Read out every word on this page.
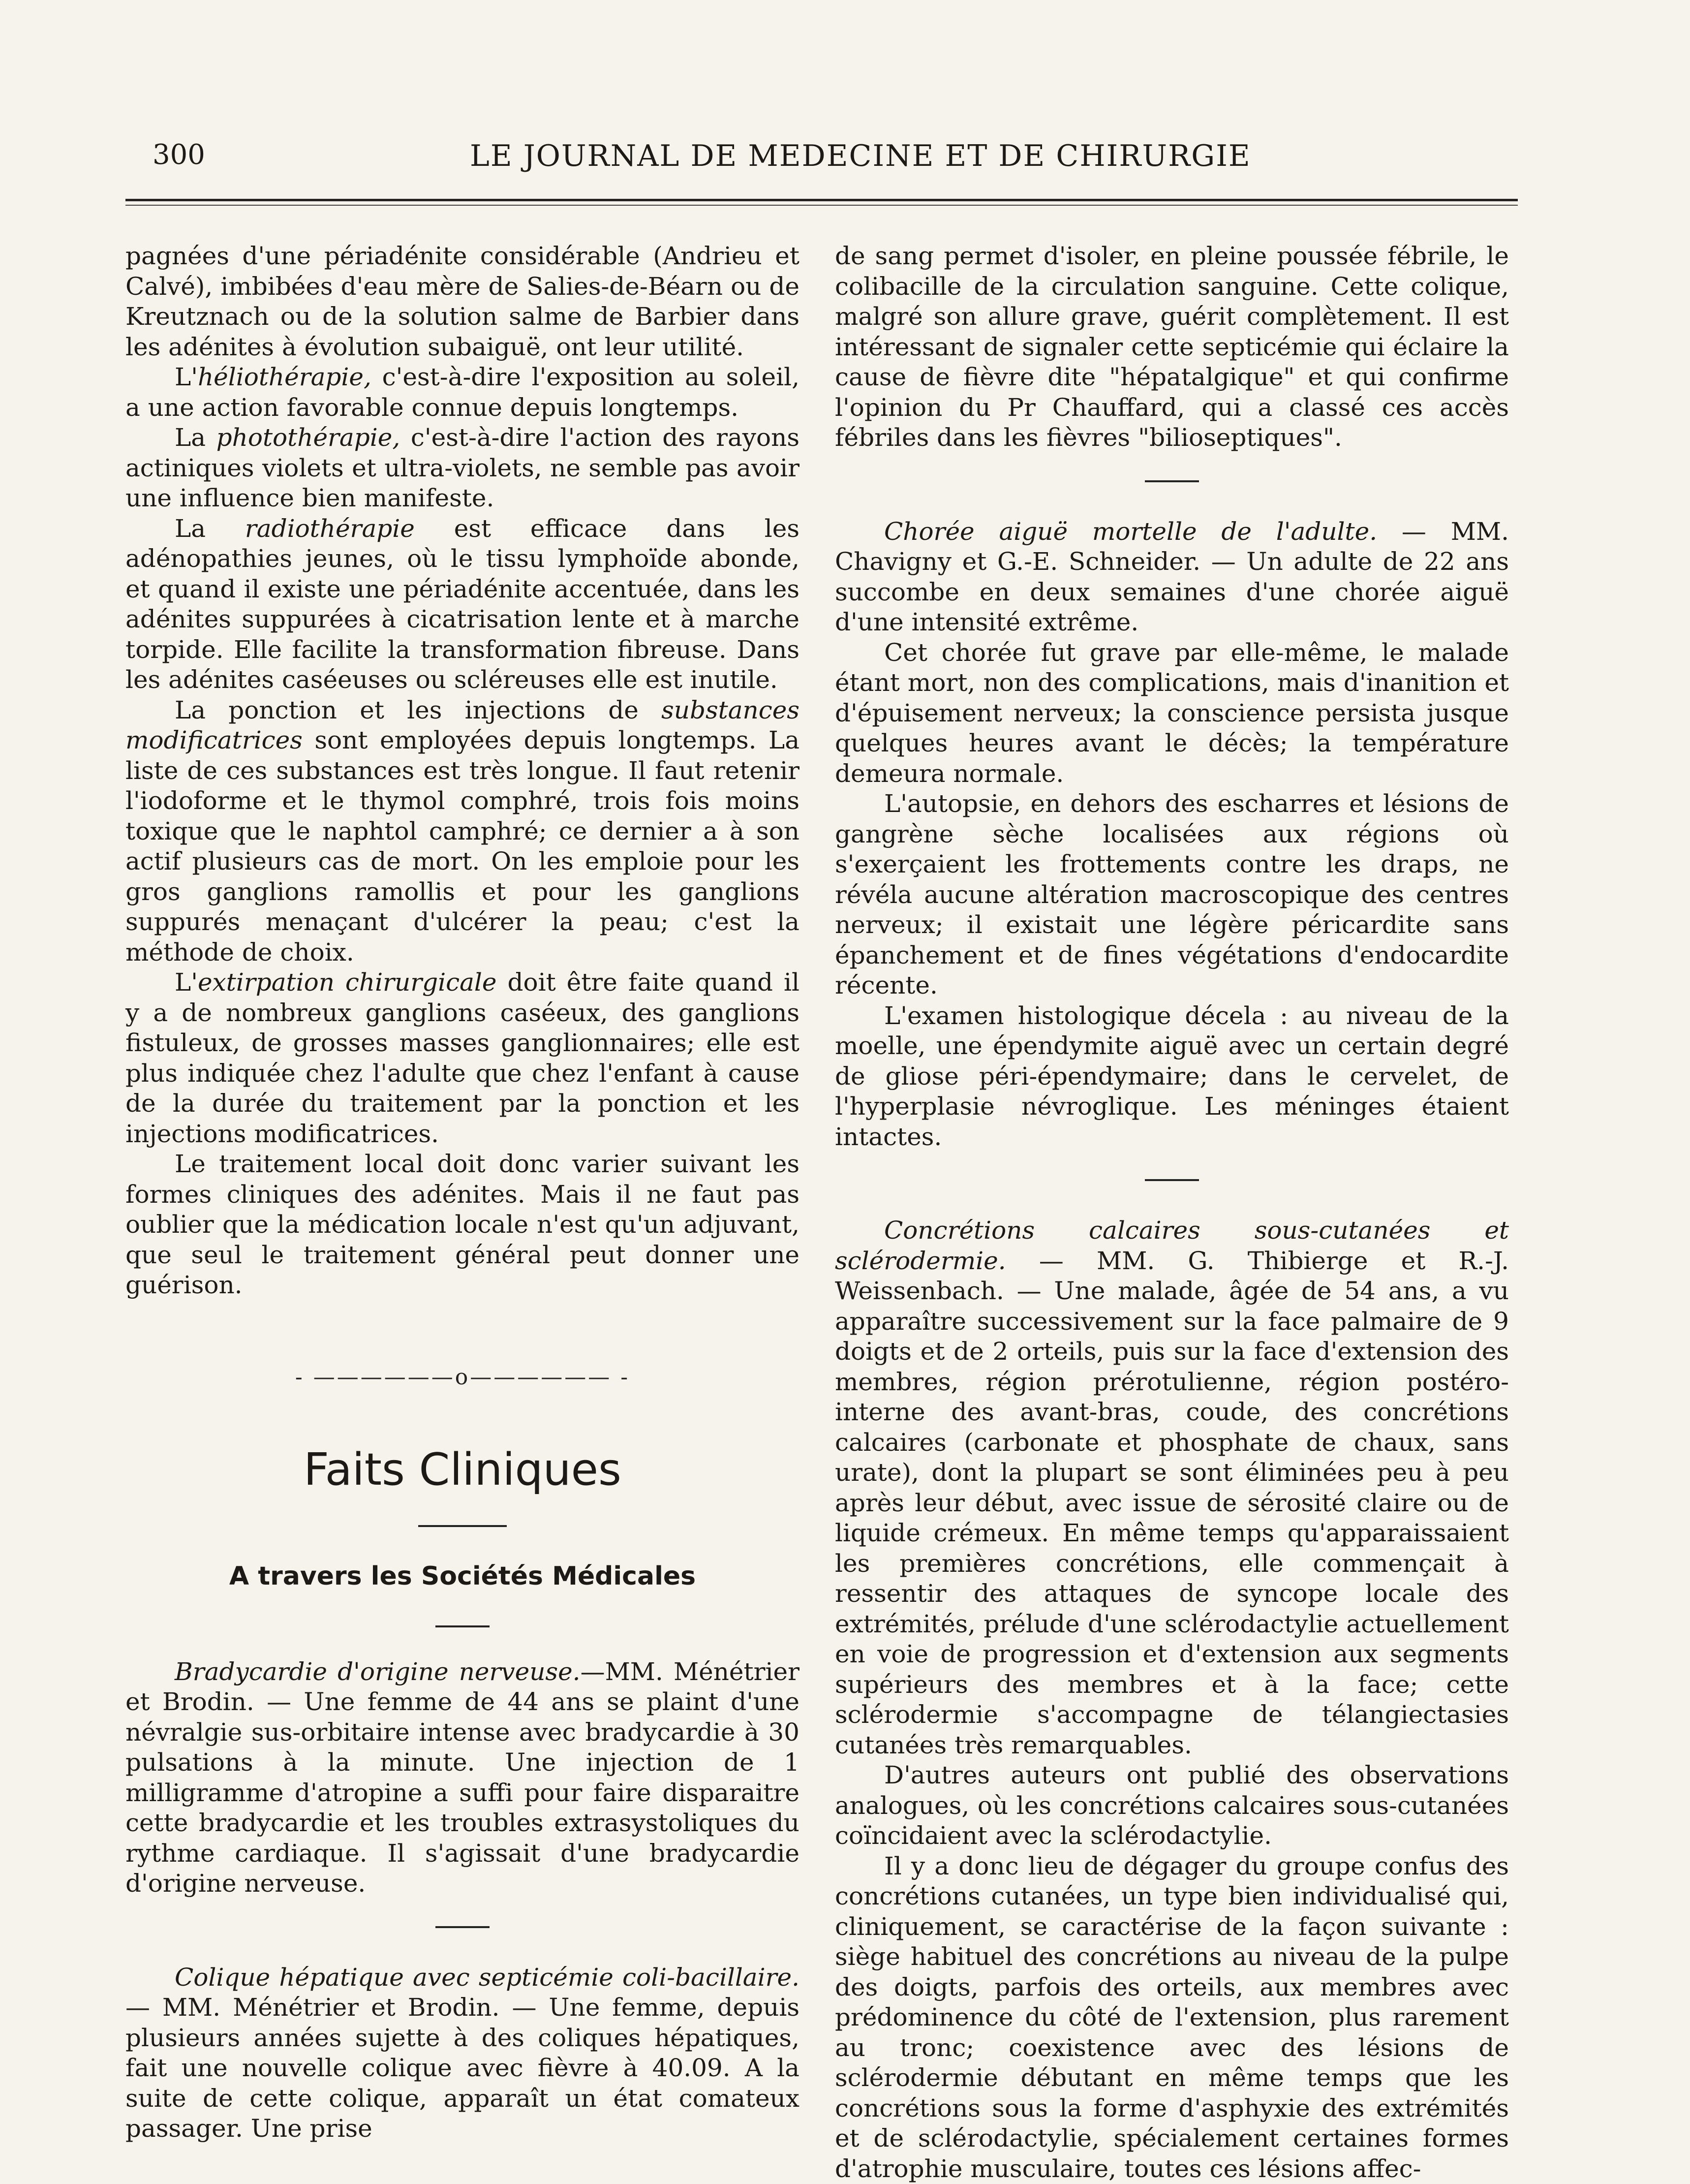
300	LE JOURNAL DE MEDECINE ET DE CHIRURGIE

pagnées d'une périadénite considérable (Andrieu et Calvé), imbibées d'eau mère de Salies-de-Béarn ou de Kreutznach ou de la solution salme de Barbier dans les adénites à évolution subaiguë, ont leur utilité.

L'héliothérapie, c'est-à-dire l'exposition au soleil, a une action favorable connue depuis longtemps.

La photothérapie, c'est-à-dire l'action des rayons actiniques violets et ultra-violets, ne semble pas avoir une influence bien manifeste.

La radiothérapie est efficace dans les adénopathies jeunes, où le tissu lymphoïde abonde, et quand il existe une périadénite accentuée, dans les adénites suppurées à cicatrisation lente et à marche torpide. Elle facilite la transformation fibreuse. Dans les adénites caséeuses ou scléreuses elle est inutile.

La ponction et les injections de substances modificatrices sont employées depuis longtemps. La liste de ces substances est très longue. Il faut retenir l'iodoforme et le thymol comphré, trois fois moins toxique que le naphtol camphré; ce dernier a à son actif plusieurs cas de mort. On les emploie pour les gros ganglions ramollis et pour les ganglions suppurés menaçant d'ulcérer la peau; c'est la méthode de choix.

L'extirpation chirurgicale doit être faite quand il y a de nombreux ganglions caséeux, des ganglions fistuleux, de grosses masses ganglionnaires; elle est plus indiquée chez l'adulte que chez l'enfant à cause de la durée du traitement par la ponction et les injections modificatrices.

Le traitement local doit donc varier suivant les formes cliniques des adénites. Mais il ne faut pas oublier que la médication locale n'est qu'un adjuvant, que seul le traitement général peut donner une guérison.

- ——————o—————— -
Faits Cliniques
A travers les Sociétés Médicales

Bradycardie d'origine nerveuse.—MM. Ménétrier et Brodin. — Une femme de 44 ans se plaint d'une névralgie sus-orbitaire intense avec bradycardie à 30 pulsations à la minute. Une injection de 1 milligramme d'atropine a suffi pour faire disparaitre cette bradycardie et les troubles extrasystoliques du rythme cardiaque. Il s'agissait d'une bradycardie d'origine nerveuse.

Colique hépatique avec septicémie coli-bacillaire. — MM. Ménétrier et Brodin. — Une femme, depuis plusieurs années sujette à des coliques hépatiques, fait une nouvelle colique avec fièvre à 40.09. A la suite de cette colique, apparaît un état comateux passager. Une prise

de sang permet d'isoler, en pleine poussée fébrile, le colibacille de la circulation sanguine. Cette colique, malgré son allure grave, guérit complètement. Il est intéressant de signaler cette septicémie qui éclaire la cause de fièvre dite "hépatalgique" et qui confirme l'opinion du Pr Chauffard, qui a classé ces accès fébriles dans les fièvres "bilioseptiques".

Chorée aiguë mortelle de l'adulte. — MM. Chavigny et G.-E. Schneider. — Un adulte de 22 ans succombe en deux semaines d'une chorée aiguë d'une intensité extrême.

Cet chorée fut grave par elle-même, le malade étant mort, non des complications, mais d'inanition et d'épuisement nerveux; la conscience persista jusque quelques heures avant le décès; la température demeura normale.

L'autopsie, en dehors des escharres et lésions de gangrène sèche localisées aux régions où s'exerçaient les frottements contre les draps, ne révéla aucune altération macroscopique des centres nerveux; il existait une légère péricardite sans épanchement et de fines végétations d'endocardite récente.

L'examen histologique décela : au niveau de la moelle, une épendymite aiguë avec un certain degré de gliose péri-épendymaire; dans le cervelet, de l'hyperplasie névroglique. Les méninges étaient intactes.

Concrétions calcaires sous-cutanées et sclérodermie. — MM. G. Thibierge et R.-J. Weissenbach. — Une malade, âgée de 54 ans, a vu apparaître successivement sur la face palmaire de 9 doigts et de 2 orteils, puis sur la face d'extension des membres, région prérotulienne, région postéro-interne des avant-bras, coude, des concrétions calcaires (carbonate et phosphate de chaux, sans urate), dont la plupart se sont éliminées peu à peu après leur début, avec issue de sérosité claire ou de liquide crémeux. En même temps qu'apparaissaient les premières concrétions, elle commençait à ressentir des attaques de syncope locale des extrémités, prélude d'une sclérodactylie actuellement en voie de progression et d'extension aux segments supérieurs des membres et à la face; cette sclérodermie s'accompagne de télangiectasies cutanées très remarquables.

D'autres auteurs ont publié des observations analogues, où les concrétions calcaires sous-cutanées coïncidaient avec la sclérodactylie.

Il y a donc lieu de dégager du groupe confus des concrétions cutanées, un type bien individualisé qui, cliniquement, se caractérise de la façon suivante : siège habituel des concrétions au niveau de la pulpe des doigts, parfois des orteils, aux membres avec prédominence du côté de l'extension, plus rarement au tronc; coexistence avec des lésions de sclérodermie débutant en même temps que les concrétions sous la forme d'asphyxie des extrémités et de sclérodactylie, spécialement certaines formes d'atrophie musculaire, toutes ces lésions affec-
